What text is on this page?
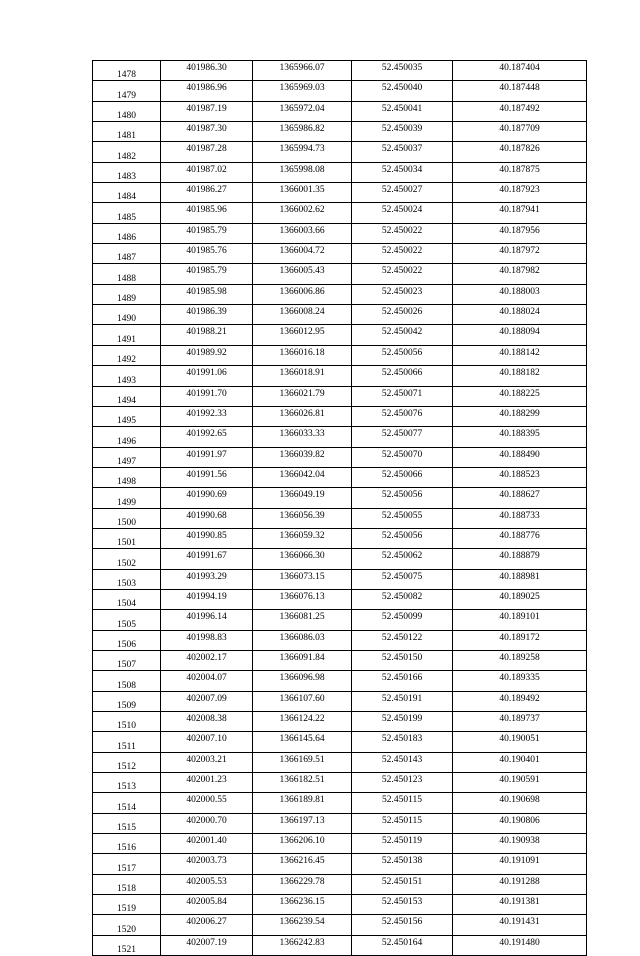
1478	401986.30	1365966.07	52.450035	40.187404
1479	401986.96	1365969.03	52.450040	40.187448
1480	401987.19	1365972.04	52.450041	40.187492
1481	401987.30	1365986.82	52.450039	40.187709
1482	401987.28	1365994.73	52.450037	40.187826
1483	401987.02	1365998.08	52.450034	40.187875
1484	401986.27	1366001.35	52.450027	40.187923
1485	401985.96	1366002.62	52.450024	40.187941
1486	401985.79	1366003.66	52.450022	40.187956
1487	401985.76	1366004.72	52.450022	40.187972
1488	401985.79	1366005.43	52.450022	40.187982
1489	401985.98	1366006.86	52.450023	40.188003
1490	401986.39	1366008.24	52.450026	40.188024
1491	401988.21	1366012.95	52.450042	40.188094
1492	401989.92	1366016.18	52.450056	40.188142
1493	401991.06	1366018.91	52.450066	40.188182
1494	401991.70	1366021.79	52.450071	40.188225
1495	401992.33	1366026.81	52.450076	40.188299
1496	401992.65	1366033.33	52.450077	40.188395
1497	401991.97	1366039.82	52.450070	40.188490
1498	401991.56	1366042.04	52.450066	40.188523
1499	401990.69	1366049.19	52.450056	40.188627
1500	401990.68	1366056.39	52.450055	40.188733
1501	401990.85	1366059.32	52.450056	40.188776
1502	401991.67	1366066.30	52.450062	40.188879
1503	401993.29	1366073.15	52.450075	40.188981
1504	401994.19	1366076.13	52.450082	40.189025
1505	401996.14	1366081.25	52.450099	40.189101
1506	401998.83	1366086.03	52.450122	40.189172
1507	402002.17	1366091.84	52.450150	40.189258
1508	402004.07	1366096.98	52.450166	40.189335
1509	402007.09	1366107.60	52.450191	40.189492
1510	402008.38	1366124.22	52.450199	40.189737
1511	402007.10	1366145.64	52.450183	40.190051
1512	402003.21	1366169.51	52.450143	40.190401
1513	402001.23	1366182.51	52.450123	40.190591
1514	402000.55	1366189.81	52.450115	40.190698
1515	402000.70	1366197.13	52.450115	40.190806
1516	402001.40	1366206.10	52.450119	40.190938
1517	402003.73	1366216.45	52.450138	40.191091
1518	402005.53	1366229.78	52.450151	40.191288
1519	402005.84	1366236.15	52.450153	40.191381
1520	402006.27	1366239.54	52.450156	40.191431
1521	402007.19	1366242.83	52.450164	40.191480
